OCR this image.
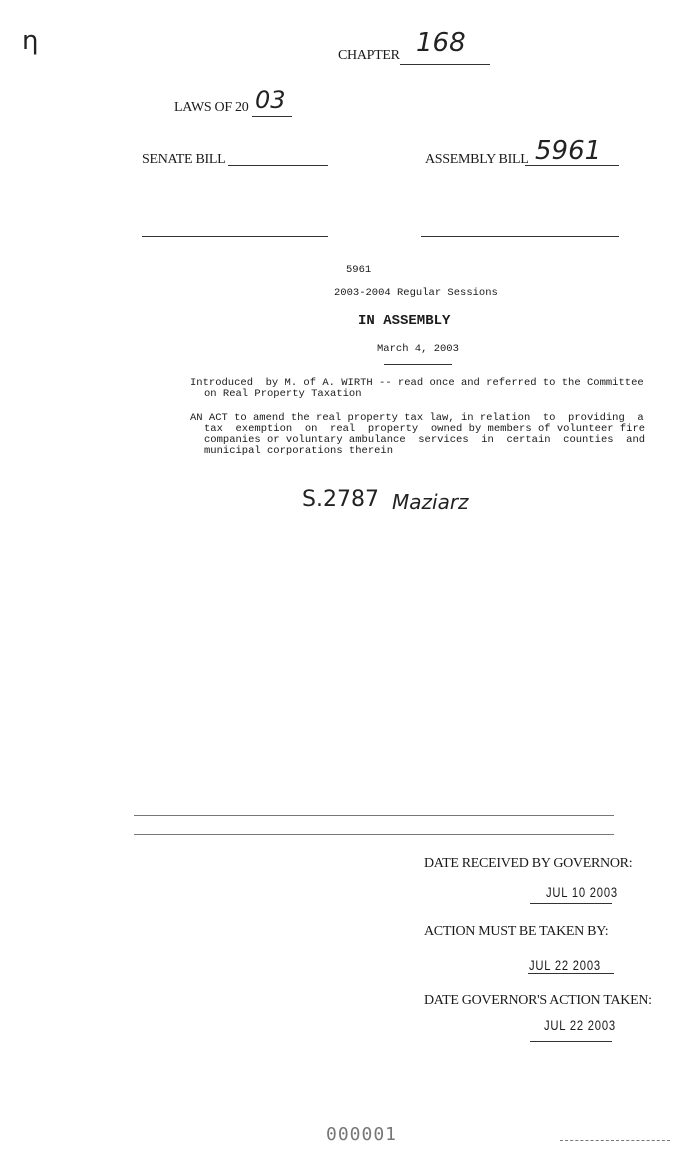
ƞ	CHAPTER 168
LAWS OF 20 03
SENATE BILL	ASSEMBLY BILL 5961
5961
2003-2004 Regular Sessions
IN ASSEMBLY
March 4, 2003
Introduced  by M. of A. WIRTH -- read once and referred to the Committee
on Real Property Taxation
AN ACT to amend the real property tax law, in relation  to  providing  a
tax  exemption  on  real  property  owned by members of volunteer fire
companies or voluntary ambulance  services  in  certain  counties  and
municipal corporations therein
S.2787 Maziarz
DATE RECEIVED BY GOVERNOR:
JUL 10 2003
ACTION MUST BE TAKEN BY:
JUL 22 2003
DATE GOVERNOR'S ACTION TAKEN:
JUL 22 2003
000001
